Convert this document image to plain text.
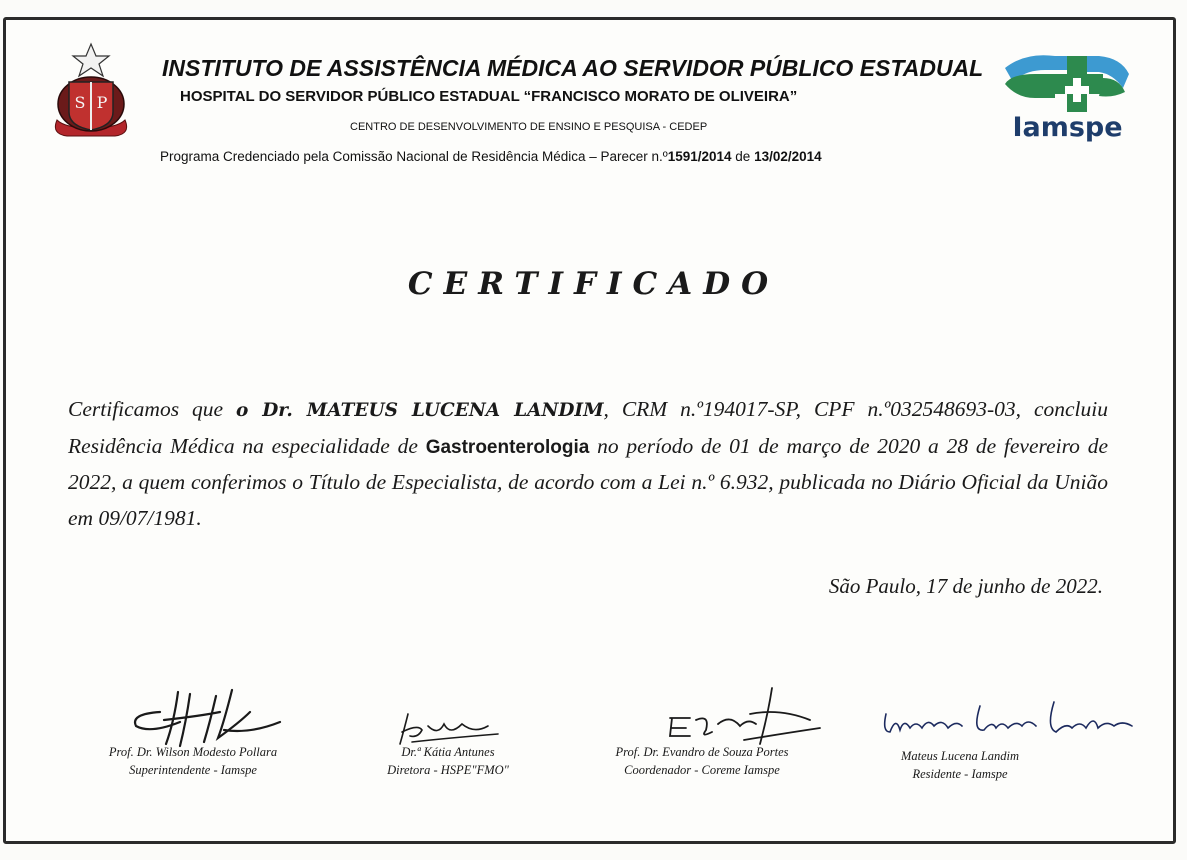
S P
Iamspe
INSTITUTO DE ASSISTÊNCIA MÉDICA AO SERVIDOR PÚBLICO ESTADUAL
HOSPITAL DO SERVIDOR PÚBLICO ESTADUAL “FRANCISCO MORATO DE OLIVEIRA”
CENTRO DE DESENVOLVIMENTO DE ENSINO E PESQUISA - CEDEP
Programa Credenciado pela Comissão Nacional de Residência Médica – Parecer n.º1591/2014 de 13/02/2014
CERTIFICADO
Certificamos que o Dr. MATEUS LUCENA LANDIM, CRM n.º194017-SP, CPF n.º032548693-03, concluiu Residência Médica na especialidade de Gastroenterologia no período de 01 de março de 2020 a 28 de fevereiro de 2022, a quem conferimos o Título de Especialista, de acordo com a Lei n.º 6.932, publicada no Diário Oficial da União em 09/07/1981.
São Paulo, 17 de junho de 2022.
Prof. Dr. Wilson Modesto Pollara
Superintendente - Iamspe
Dr.ª Kátia Antunes
Diretora - HSPE"FMO"
Prof. Dr. Evandro de Souza Portes
Coordenador - Coreme Iamspe
Mateus Lucena Landim
Residente - Iamspe
